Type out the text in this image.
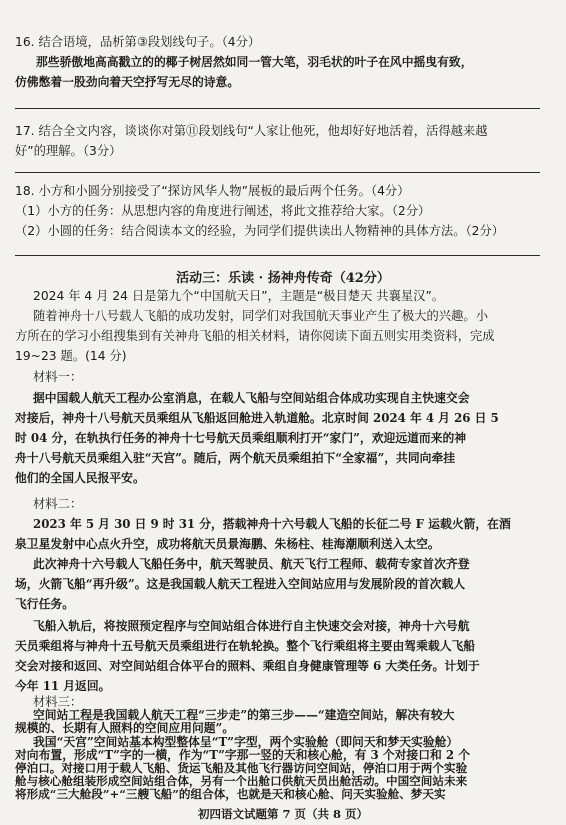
16. 结合语境，品析第③段划线句子。（4分）
那些骄傲地高高戳立的的椰子树居然如同一管大笔，羽毛状的叶子在风中摇曳有致，
仿佛憋着一股劲向着天空抒写无尽的诗意。
17. 结合全文内容，谈谈你对第⑪段划线句“人家让他死，他却好好地活着，活得越来越
好”的理解。（3分）
18. 小方和小圆分别接受了“探访风华人物”展板的最后两个任务。（4分）
（1）小方的任务：从思想内容的角度进行阐述，将此文推荐给大家。（2分）
（2）小圆的任务：结合阅读本文的经验，为同学们提供读出人物精神的具体方法。（2分）
活动三：乐读 · 扬神舟传奇（42分）
2024 年 4 月 24 日是第九个“中国航天日”，主题是“极目楚天 共襄星汉”。
随着神舟十八号载人飞船的成功发射，同学们对我国航天事业产生了极大的兴趣。小
方所在的学习小组搜集到有关神舟飞船的相关材料，请你阅读下面五则实用类资料，完成
19~23 题。(14 分)
材料一：
据中国载人航天工程办公室消息，在载人飞船与空间站组合体成功实现自主快速交会
对接后，神舟十八号航天员乘组从飞船返回舱进入轨道舱。北京时间 2024 年 4 月 26 日 5
时 04 分，在轨执行任务的神舟十七号航天员乘组顺利打开“家门”，欢迎远道而来的神
舟十八号航天员乘组入驻“天宫”。随后，两个航天员乘组拍下“全家福”，共同向牵挂
他们的全国人民报平安。
材料二：
2023 年 5 月 30 日 9 时 31 分，搭载神舟十六号载人飞船的长征二号 F 运载火箭，在酒
泉卫星发射中心点火升空，成功将航天员景海鹏、朱杨柱、桂海潮顺利送入太空。
此次神舟十六号载人飞船任务中，航天驾驶员、航天飞行工程师、载荷专家首次齐登
场，火箭飞船“再升级”。这是我国载人航天工程进入空间站应用与发展阶段的首次载人
飞行任务。
飞船入轨后，将按照预定程序与空间站组合体进行自主快速交会对接，神舟十六号航
天员乘组将与神舟十五号航天员乘组进行在轨轮换。整个飞行乘组将主要由驾乘载人飞船
交会对接和返回、对空间站组合体平台的照料、乘组自身健康管理等 6 大类任务。计划于
今年 11 月返回。
材料三：
空间站工程是我国载人航天工程“三步走”的第三步——“建造空间站，解决有较大
规模的、长期有人照料的空间应用问题”。
我国“天宫”空间站基本构型整体呈“T”字型，两个实验舱（即问天和梦天实验舱）
对向布置，形成“T”字的一横，作为“T”字那一竖的天和核心舱，有 3 个对接口和 2 个
初四语文试题第 7 页（共 8 页）
停泊口。对接口用于载人飞船、货运飞船及其他飞行器访问空间站，停泊口用于两个实验
舱与核心舱组装形成空间站组合体，另有一个出舱口供航天员出舱活动。中国空间站未来
将形成“三大舱段”+“三艘飞船”的组合体，也就是天和核心舱、问天实验舱、梦天实
